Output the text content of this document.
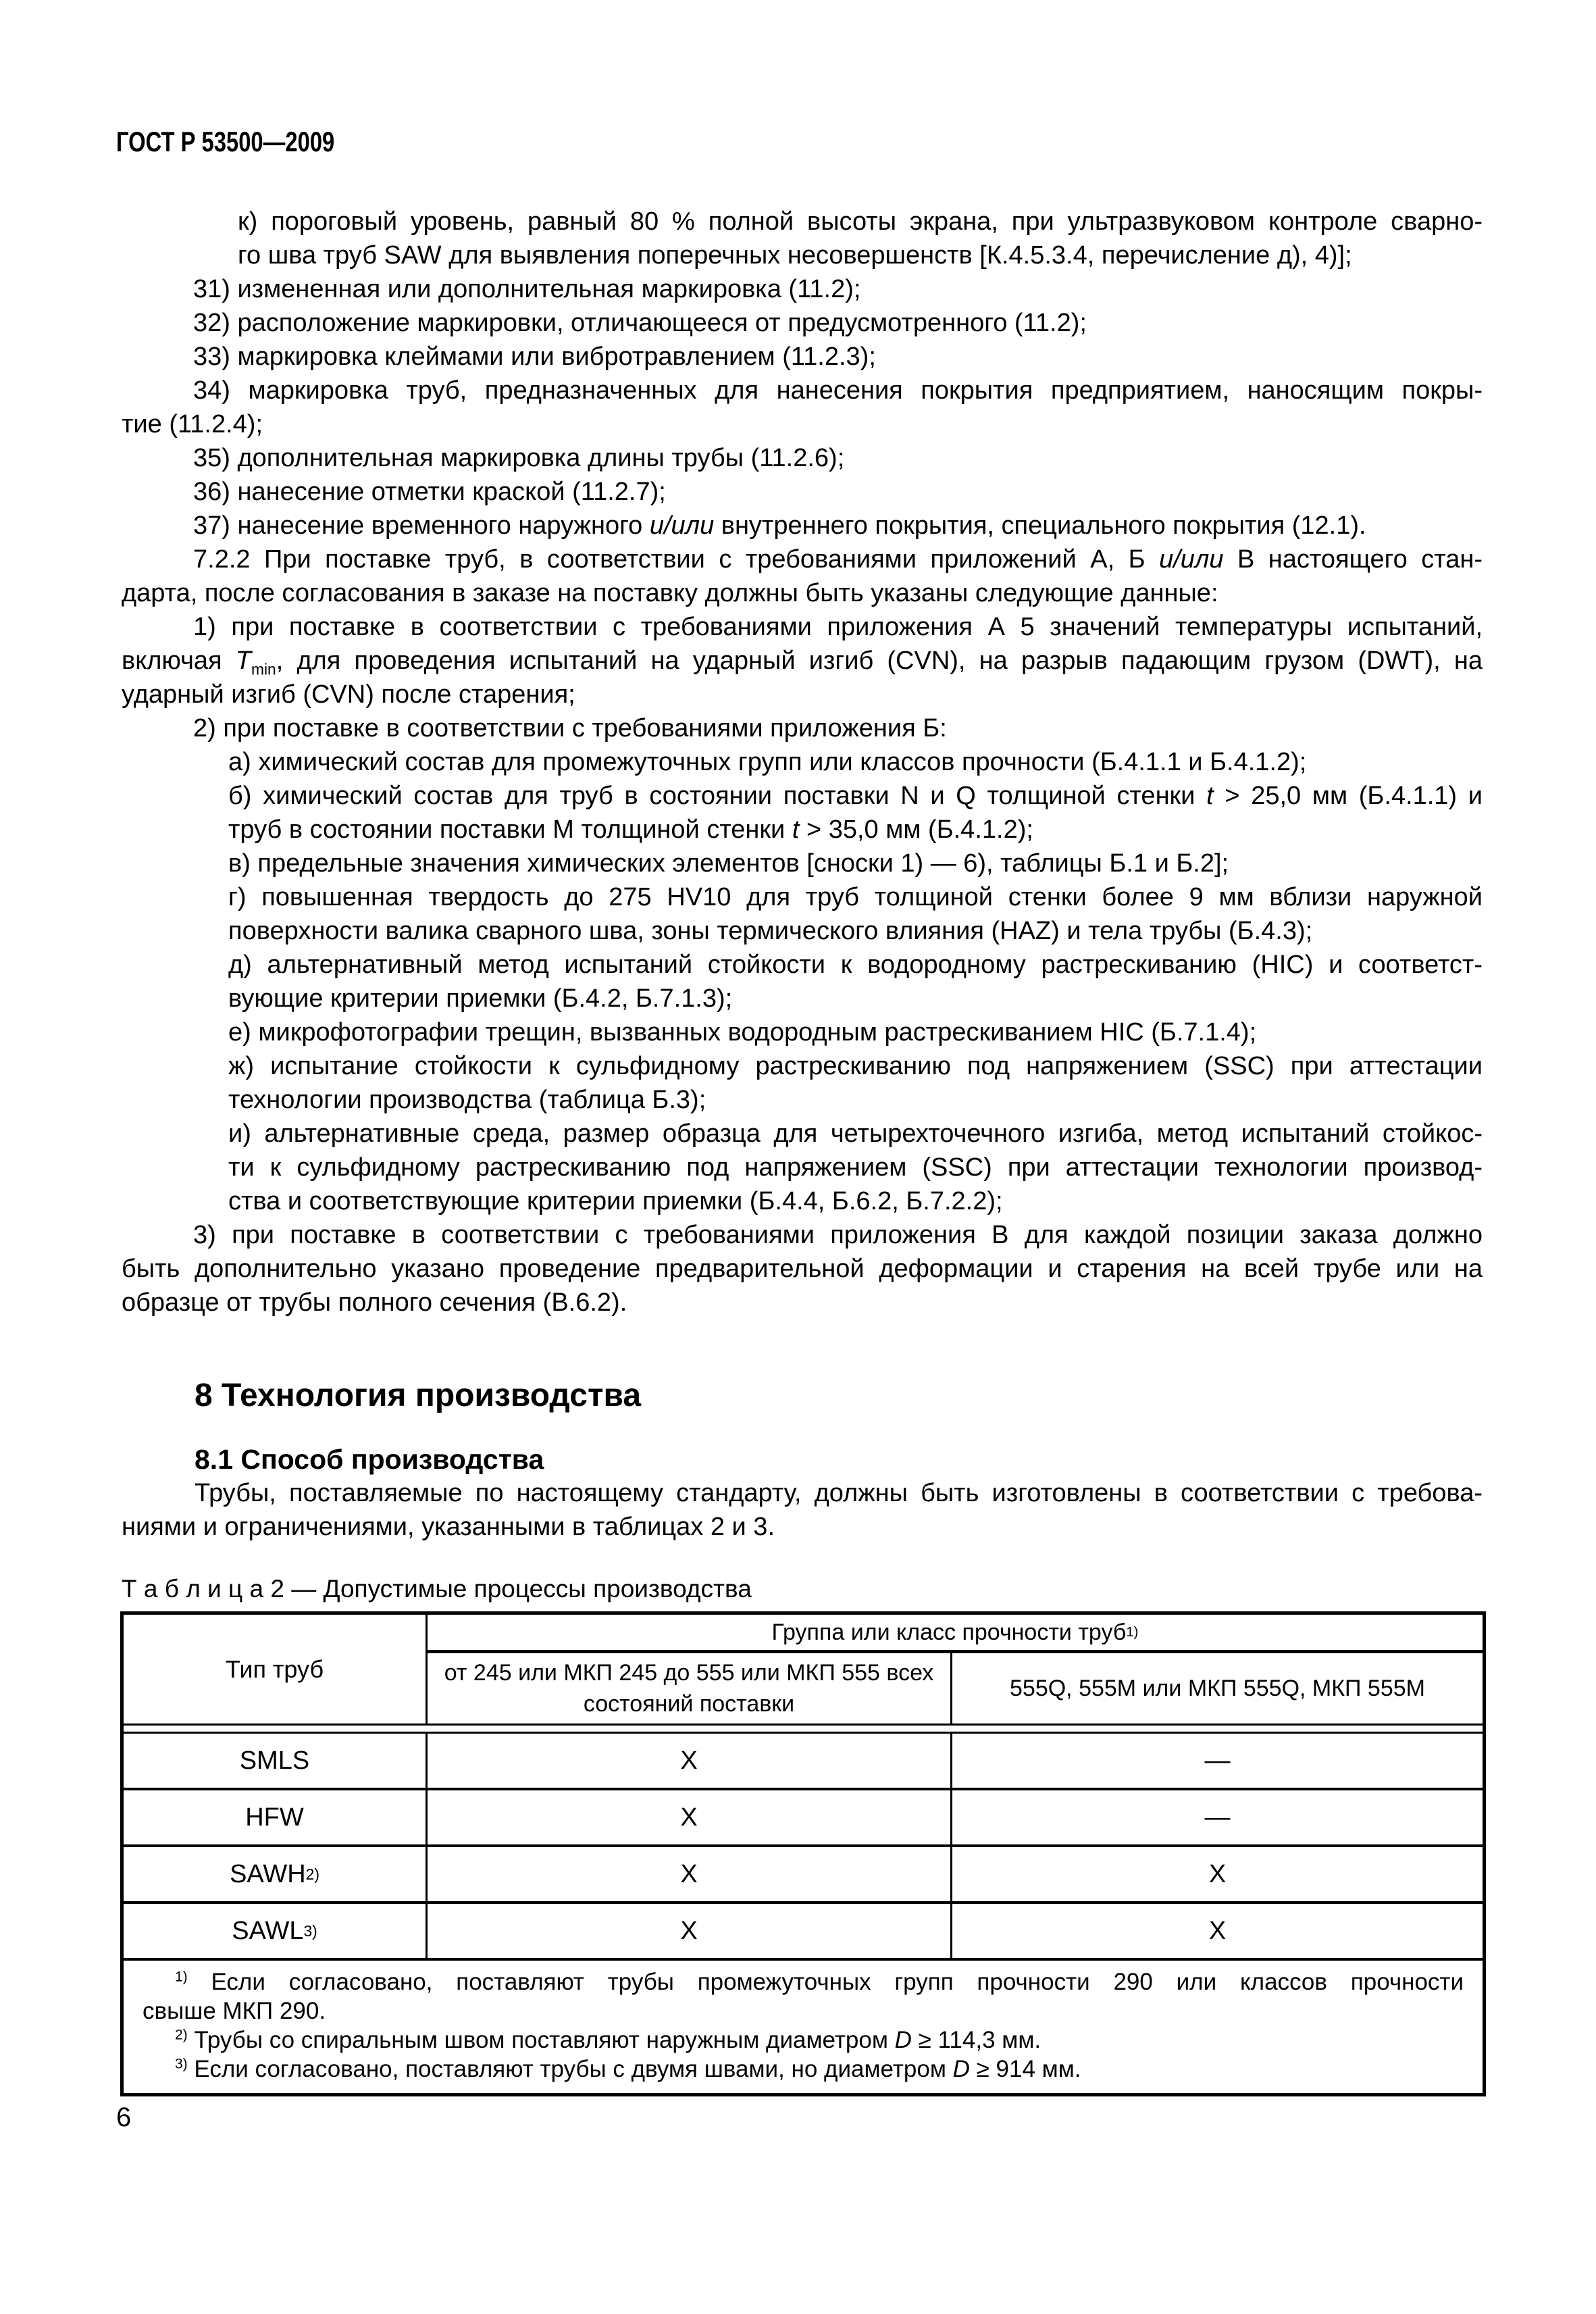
ГОСТ Р 53500—2009
к) пороговый уровень, равный 80 % полной высоты экрана, при ультразвуковом контроле сварно-
го шва труб SAW для выявления поперечных несовершенств [К.4.5.3.4, перечисление д), 4)];
31) измененная или дополнительная маркировка (11.2);
32) расположение маркировки, отличающееся от предусмотренного (11.2);
33) маркировка клеймами или вибротравлением (11.2.3);
34) маркировка труб, предназначенных для нанесения покрытия предприятием, наносящим покры-
тие (11.2.4);
35) дополнительная маркировка длины трубы (11.2.6);
36) нанесение отметки краской (11.2.7);
37) нанесение временного наружного и/или внутреннего покрытия, специального покрытия (12.1).
7.2.2 При поставке труб, в соответствии с требованиями приложений А, Б и/или В настоящего стан-
дарта, после согласования в заказе на поставку должны быть указаны следующие данные:
1) при поставке в соответствии с требованиями приложения А 5 значений температуры испытаний,
включая $T_{min}$, для проведения испытаний на ударный изгиб (CVN), на разрыв падающим грузом (DWT), на
ударный изгиб (CVN) после старения;
2) при поставке в соответствии с требованиями приложения Б:
а) химический состав для промежуточных групп или классов прочности (Б.4.1.1 и Б.4.1.2);
б) химический состав для труб в состоянии поставки N и Q толщиной стенки t > 25,0 мм (Б.4.1.1) и
труб в состоянии поставки М толщиной стенки t > 35,0 мм (Б.4.1.2);
в) предельные значения химических элементов [сноски 1) — 6), таблицы Б.1 и Б.2];
г) повышенная твердость до 275 HV10 для труб толщиной стенки более 9 мм вблизи наружной
поверхности валика сварного шва, зоны термического влияния (HAZ) и тела трубы (Б.4.3);
д) альтернативный метод испытаний стойкости к водородному растрескиванию (HIC) и соответст-
вующие критерии приемки (Б.4.2, Б.7.1.3);
е) микрофотографии трещин, вызванных водородным растрескиванием HIC (Б.7.1.4);
ж) испытание стойкости к сульфидному растрескиванию под напряжением (SSC) при аттестации
технологии производства (таблица Б.3);
и) альтернативные среда, размер образца для четырехточечного изгиба, метод испытаний стойкос-
ти к сульфидному растрескиванию под напряжением (SSC) при аттестации технологии производ-
ства и соответствующие критерии приемки (Б.4.4, Б.6.2, Б.7.2.2);
3) при поставке в соответствии с требованиями приложения В для каждой позиции заказа должно
быть дополнительно указано проведение предварительной деформации и старения на всей трубе или на
образце от трубы полного сечения (В.6.2).
8 Технология производства
8.1 Способ производства
Трубы, поставляемые по настоящему стандарту, должны быть изготовлены в соответствии с требова-
ниями и ограничениями, указанными в таблицах 2 и 3.
Т а б л и ц а 2 — Допустимые процессы производства
Тип труб
Группа или класс прочности труб 1)
от 245 или МКП 245 до 555 или МКП 555 всех
состояний поставки
555Q, 555M или МКП 555Q, МКП 555M
SMLS	Х	—
HFW	Х	—
SAWH 2)	Х	Х
SAWL 3)	Х	Х
$^{1)}$ Если согласовано, поставляют трубы промежуточных групп прочности 290 или классов прочности
свыше МКП 290.
$^{2)}$ Трубы со спиральным швом поставляют наружным диаметром D ≥ 114,3 мм.
$^{3)}$ Если согласовано, поставляют трубы с двумя швами, но диаметром D ≥ 914 мм.
6
